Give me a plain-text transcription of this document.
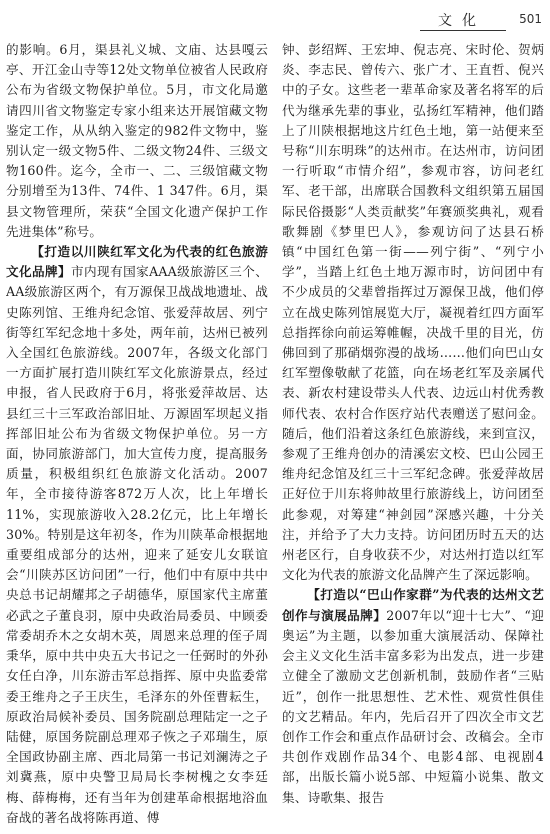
文化	501

的影响。6月，渠县礼义城、文庙、达县嘎云亭、开江金山寺等12处文物单位被省人民政府公布为省级文物保护单位。5月，市文化局邀请四川省文物鉴定专家小组来达开展馆藏文物鉴定工作，从从纳入鉴定的982件文物中，鉴别认定一级文物5件、二级文物24件、三级文物160件。迄今，全市一、二、三级馆藏文物分别增至为13件、74件、1 347件。6月，渠县文物管理所，荣获“全国文化遗产保护工作先进集体”称号。

【打造以川陕红军文化为代表的红色旅游文化品牌】市内现有国家AAA级旅游区三个、AA级旅游区两个，有万源保卫战战地遗址、战史陈列馆、王维舟纪念馆、张爱萍故居、列宁街等红军纪念地十多处，两年前，达州已被列入全国红色旅游线。2007年，各级文化部门一方面扩展打造川陕红军文化旅游景点，经过申报，省人民政府于6月，将张爱萍故居、达县红三十三军政治部旧址、万源固军坝起义指挥部旧址公布为省级文物保护单位。另一方面，协同旅游部门，加大宣传力度，提高服务质量，积极组织红色旅游文化活动。2007年，全市接待游客872万人次，比上年增长11%，实现旅游收入28.2亿元，比上年增长30%。特别是这年初冬，作为川陕革命根据地重要组成部分的达州，迎来了延安儿女联谊会“川陕苏区访问团”一行，他们中有原中共中央总书记胡耀邦之子胡德华，原国家代主席董必武之子董良羽，原中央政治局委员、中顾委常委胡乔木之女胡木英，周恩来总理的侄子周秉华，原中共中央五大书记之一任弼时的外孙女任白净，川东游击军总指挥、原中央监委常委王维舟之子王庆生，毛泽东的外侄曹耘生，原政治局候补委员、国务院副总理陆定一之子陆健，原国务院副总理邓子恢之子邓瑞生，原全国政协副主席、西北局第一书记刘澜涛之子刘冀燕，原中央警卫局局长李树槐之女李廷梅、薛梅梅，还有当年为创建革命根据地浴血奋战的著名战将陈再道、傅

钟、彭绍辉、王宏坤、倪志亮、宋时伦、贺炳炎、李志民、曾传六、张广才、王直哲、倪兴中的子女。这些老一辈革命家及著名将军的后代为继承先辈的事业，弘扬红军精神，他们踏上了川陕根据地这片红色土地，第一站便来至号称“川东明珠”的达州市。在达州市，访问团一行听取“市情介绍”，参观市容，访问老红军、老干部，出席联合国教科文组织第五届国际民俗摄影“人类贡献奖”年赛颁奖典礼，观看歌舞剧《梦里巴人》，参观访问了达县石桥镇“中国红色第一街——列宁街”、“列宁小学”，当踏上红色土地万源市时，访问团中有不少成员的父辈曾指挥过万源保卫战，他们停立在战史陈列馆展览大厅，凝视着红四方面军总指挥徐向前运筹帷幄，决战千里的目光，仿佛回到了那硝烟弥漫的战场……他们向巴山女红军塑像敬献了花篮，向在场老红军及亲属代表、新农村建设带头人代表、边远山村优秀教师代表、农村合作医疗站代表赠送了慰问金。随后，他们沿着这条红色旅游线，来到宣汉，参观了王维舟创办的清溪宏文校、巴山公园王维舟纪念馆及红三十三军纪念碑。张爱萍故居正好位于川东将帅故里行旅游线上，访问团至此参观，对筹建“神剑园”深感兴趣，十分关注，并给予了大力支持。访问团历时五天的达州老区行，自身收获不少，对达州打造以红军文化为代表的旅游文化品牌产生了深远影响。

【打造以“巴山作家群”为代表的达州文艺创作与演展品牌】2007年以“迎十七大”、“迎奥运”为主题，以参加重大演展活动、保障社会主义文化生活丰富多彩为出发点，进一步建立健全了激励文艺创新机制，鼓励作者“三贴近”，创作一批思想性、艺术性、观赏性俱佳的文艺精品。年内，先后召开了四次全市文艺创作工作会和重点作品研讨会、改稿会。全市共创作戏剧作品34个、电影4部、电视剧4部，出版长篇小说5部、中短篇小说集、散文集、诗歌集、报告
